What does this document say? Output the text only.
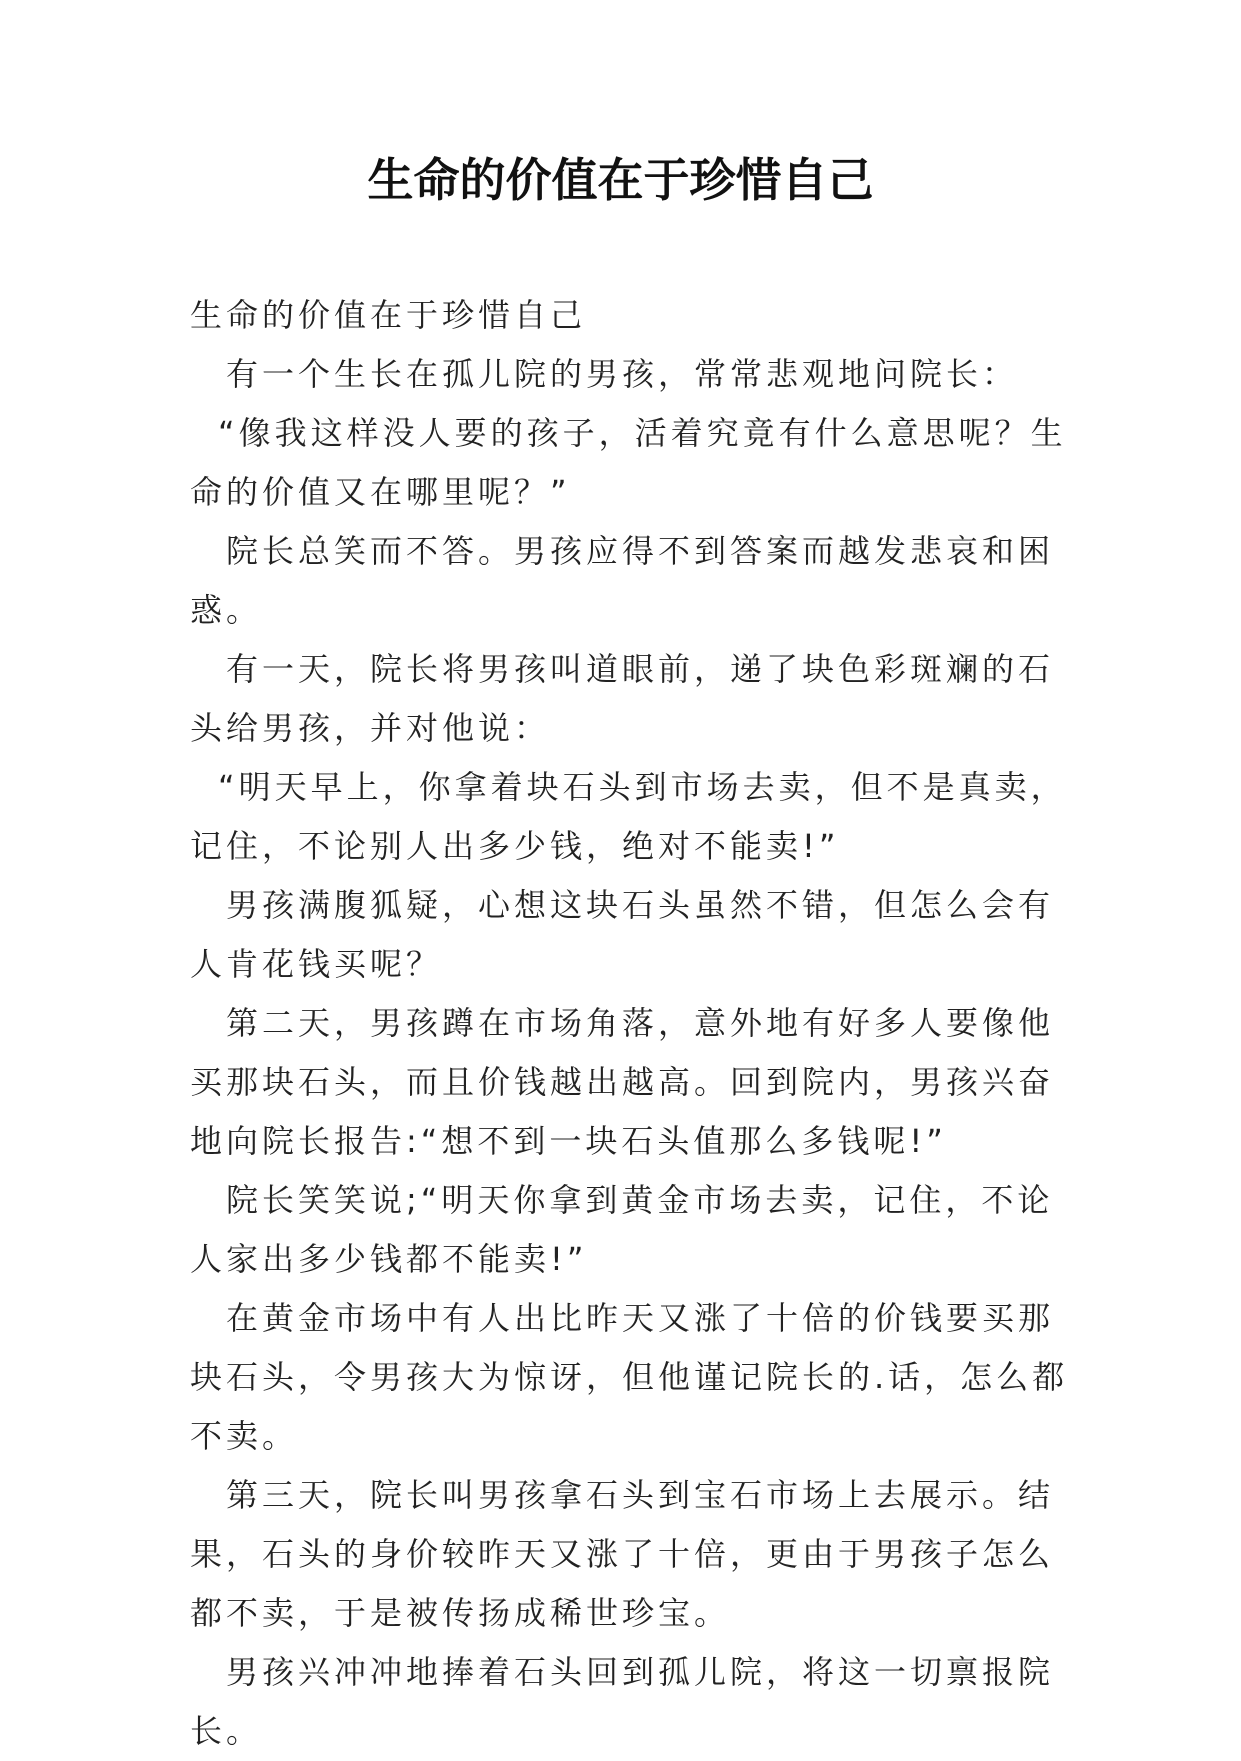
生命的价值在于珍惜自己

生命的价值在于珍惜自己

有一个生长在孤儿院的男孩，常常悲观地问院长：

“像我这样没人要的孩子，活着究竟有什么意思呢？生命的价值又在哪里呢？”

院长总笑而不答。男孩应得不到答案而越发悲哀和困惑。

有一天，院长将男孩叫道眼前，递了块色彩斑斓的石头给男孩，并对他说：

“明天早上，你拿着块石头到市场去卖，但不是真卖，记住，不论别人出多少钱，绝对不能卖!”

男孩满腹狐疑，心想这块石头虽然不错，但怎么会有人肯花钱买呢？

第二天，男孩蹲在市场角落，意外地有好多人要像他买那块石头，而且价钱越出越高。回到院内，男孩兴奋地向院长报告:“想不到一块石头值那么多钱呢!”

院长笑笑说;“明天你拿到黄金市场去卖，记住，不论人家出多少钱都不能卖!”

在黄金市场中有人出比昨天又涨了十倍的价钱要买那块石头，令男孩大为惊讶，但他谨记院长的.话，怎么都不卖。

第三天，院长叫男孩拿石头到宝石市场上去展示。结果，石头的身价较昨天又涨了十倍，更由于男孩子怎么都不卖，于是被传扬成稀世珍宝。

男孩兴冲冲地捧着石头回到孤儿院，将这一切禀报院长。
